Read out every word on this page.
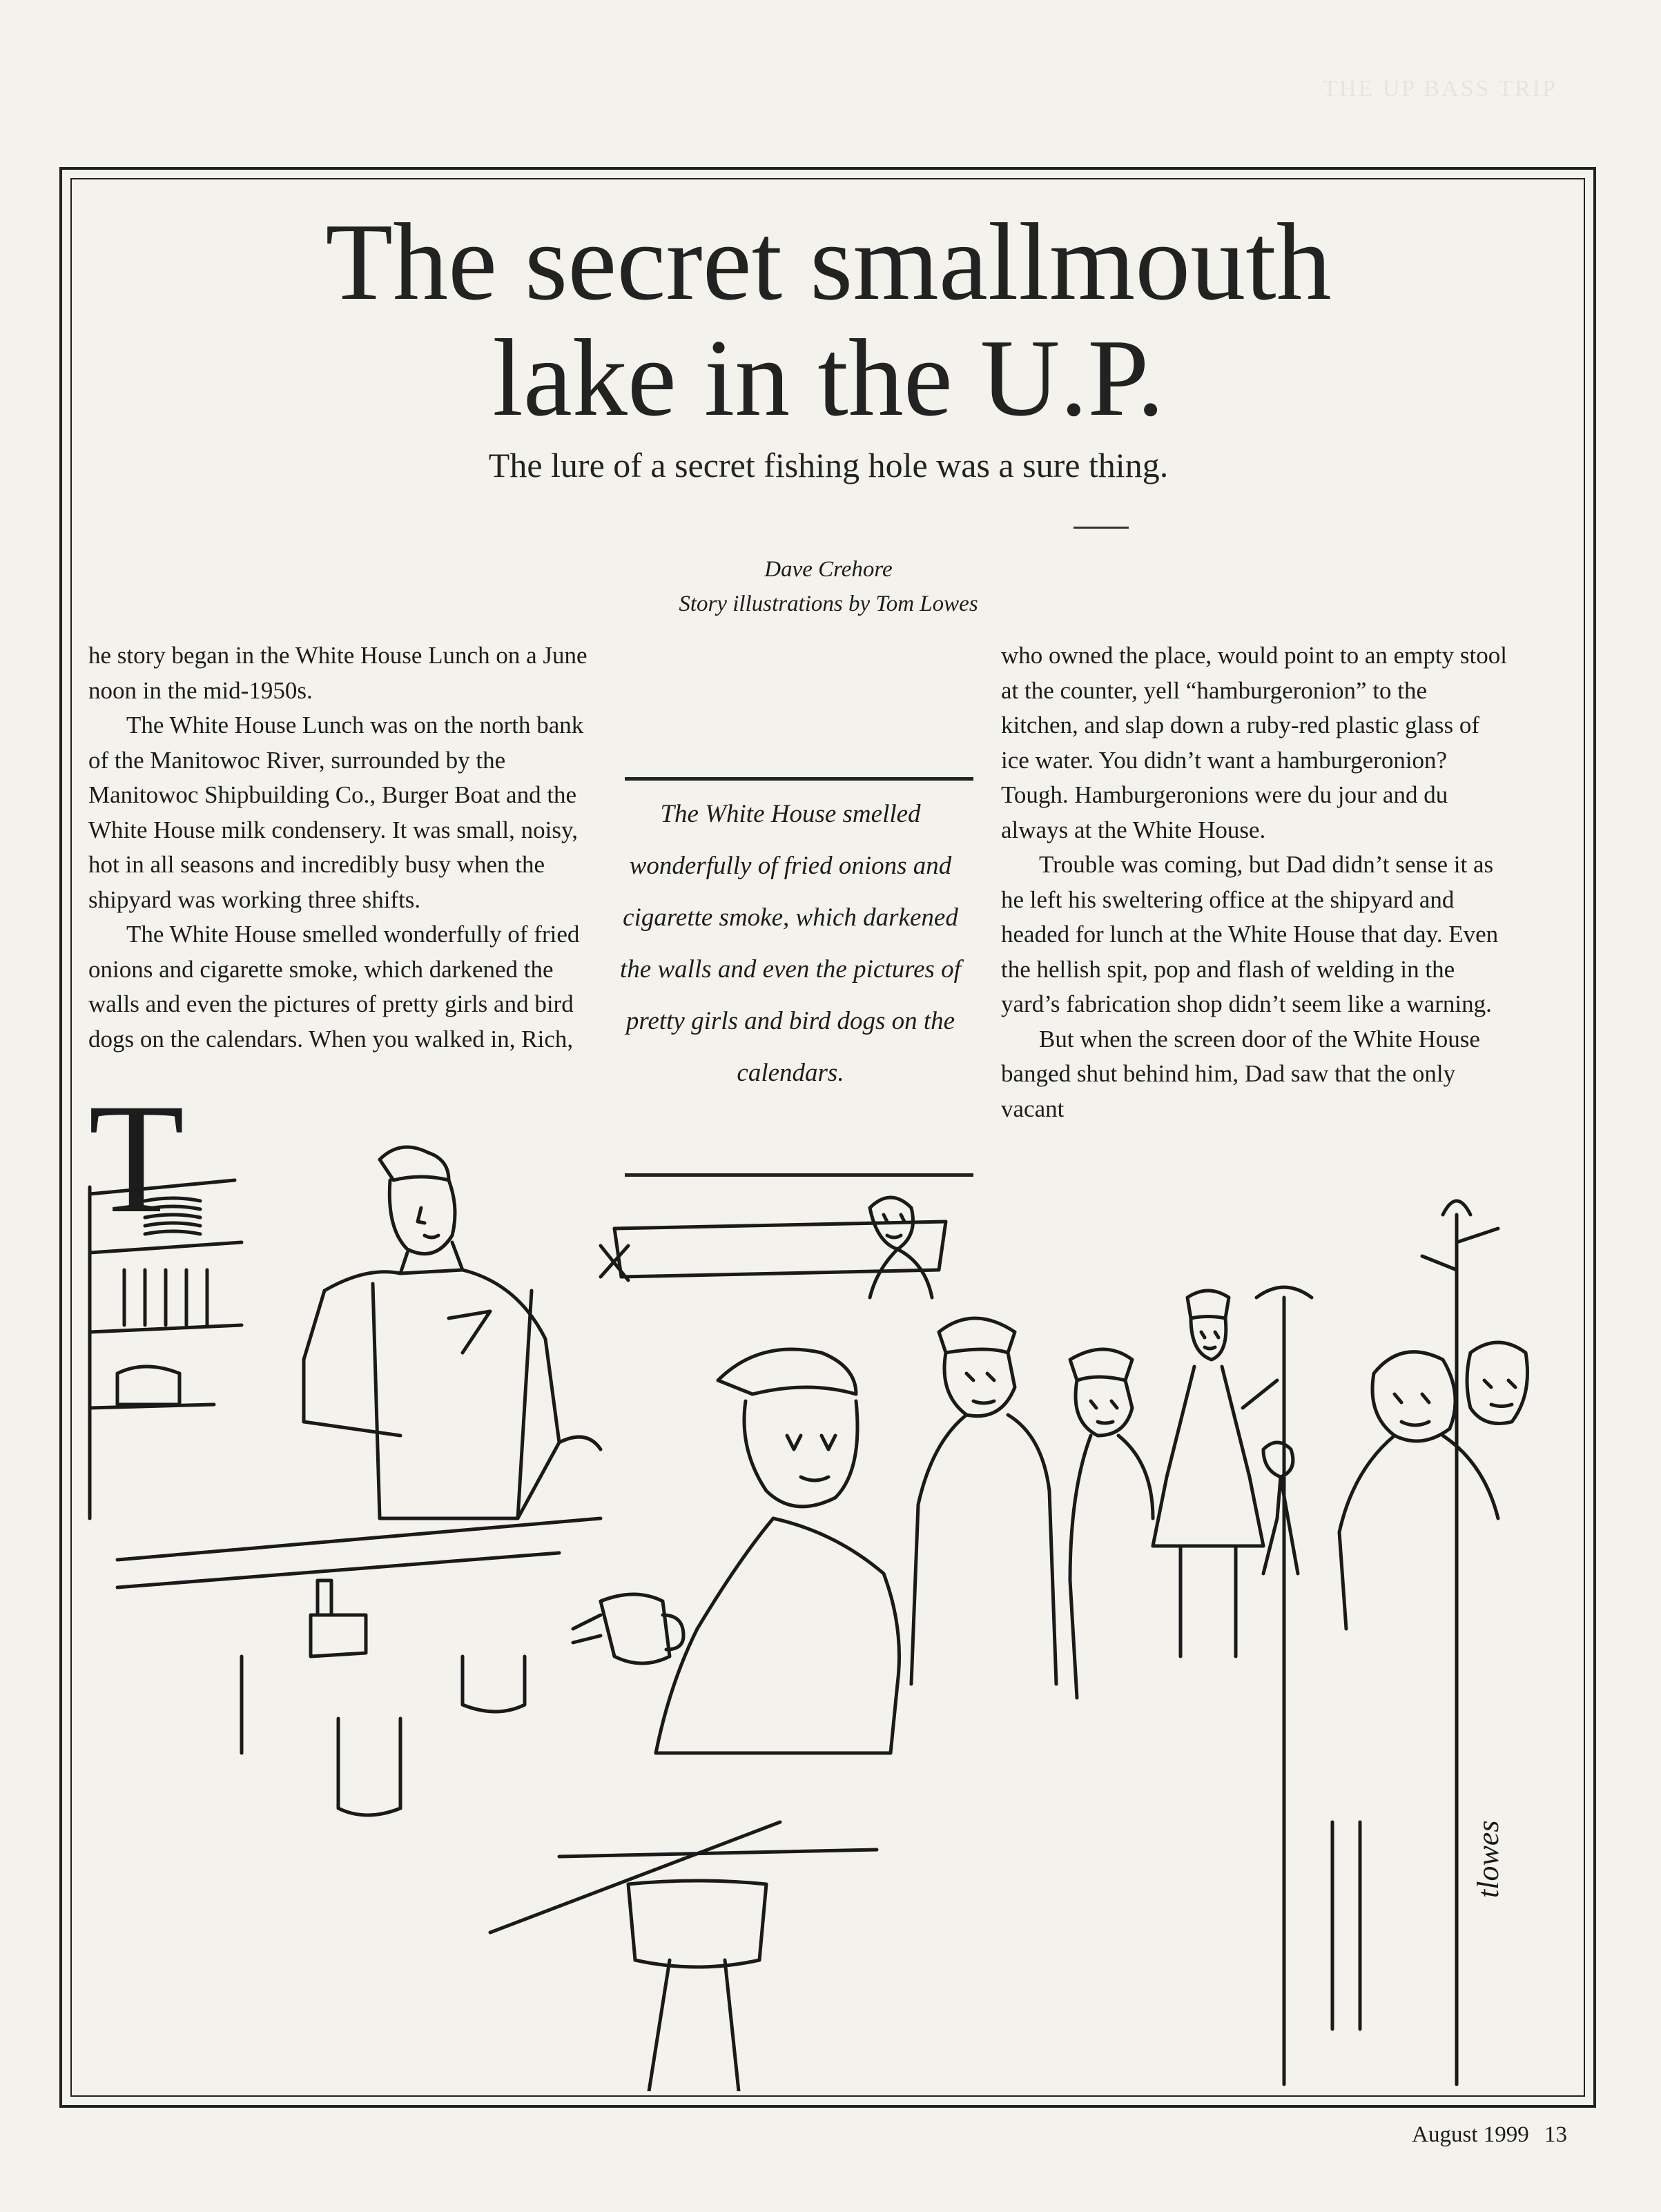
THE UP BASS TRIP
The secret smallmouth
lake in the U.P.

The lure of a secret fishing hole was a sure thing.

Dave Crehore
Story illustrations by Tom Lowes
T

he story began in the White House Lunch on a June noon in the mid-1950s.

The White House Lunch was on the north bank of the Manitowoc River, surrounded by the Manitowoc Shipbuilding Co., Burger Boat and the White House milk condensery. It was small, noisy, hot in all seasons and incredibly busy when the shipyard was working three shifts.

The White House smelled wonderfully of fried onions and cigarette smoke, which darkened the walls and even the pictures of pretty girls and bird dogs on the calendars. When you walked in, Rich,

who owned the place, would point to an empty stool at the counter, yell “hamburgeronion” to the kitchen, and slap down a ruby-red plastic glass of ice water. You didn’t want a hamburgeronion? Tough. Hamburgeronions were du jour and du always at the White House.

Trouble was coming, but Dad didn’t sense it as he left his sweltering office at the shipyard and headed for lunch at the White House that day. Even the hellish spit, pop and flash of welding in the yard’s fabrication shop didn’t seem like a warning.

But when the screen door of the White House banged shut behind him, Dad saw that the only vacant

The White House smelled wonderfully of fried onions and cigarette smoke, which darkened the walls and even the pictures of pretty girls and bird dogs on the calendars.
tlowes
August 1999 13
